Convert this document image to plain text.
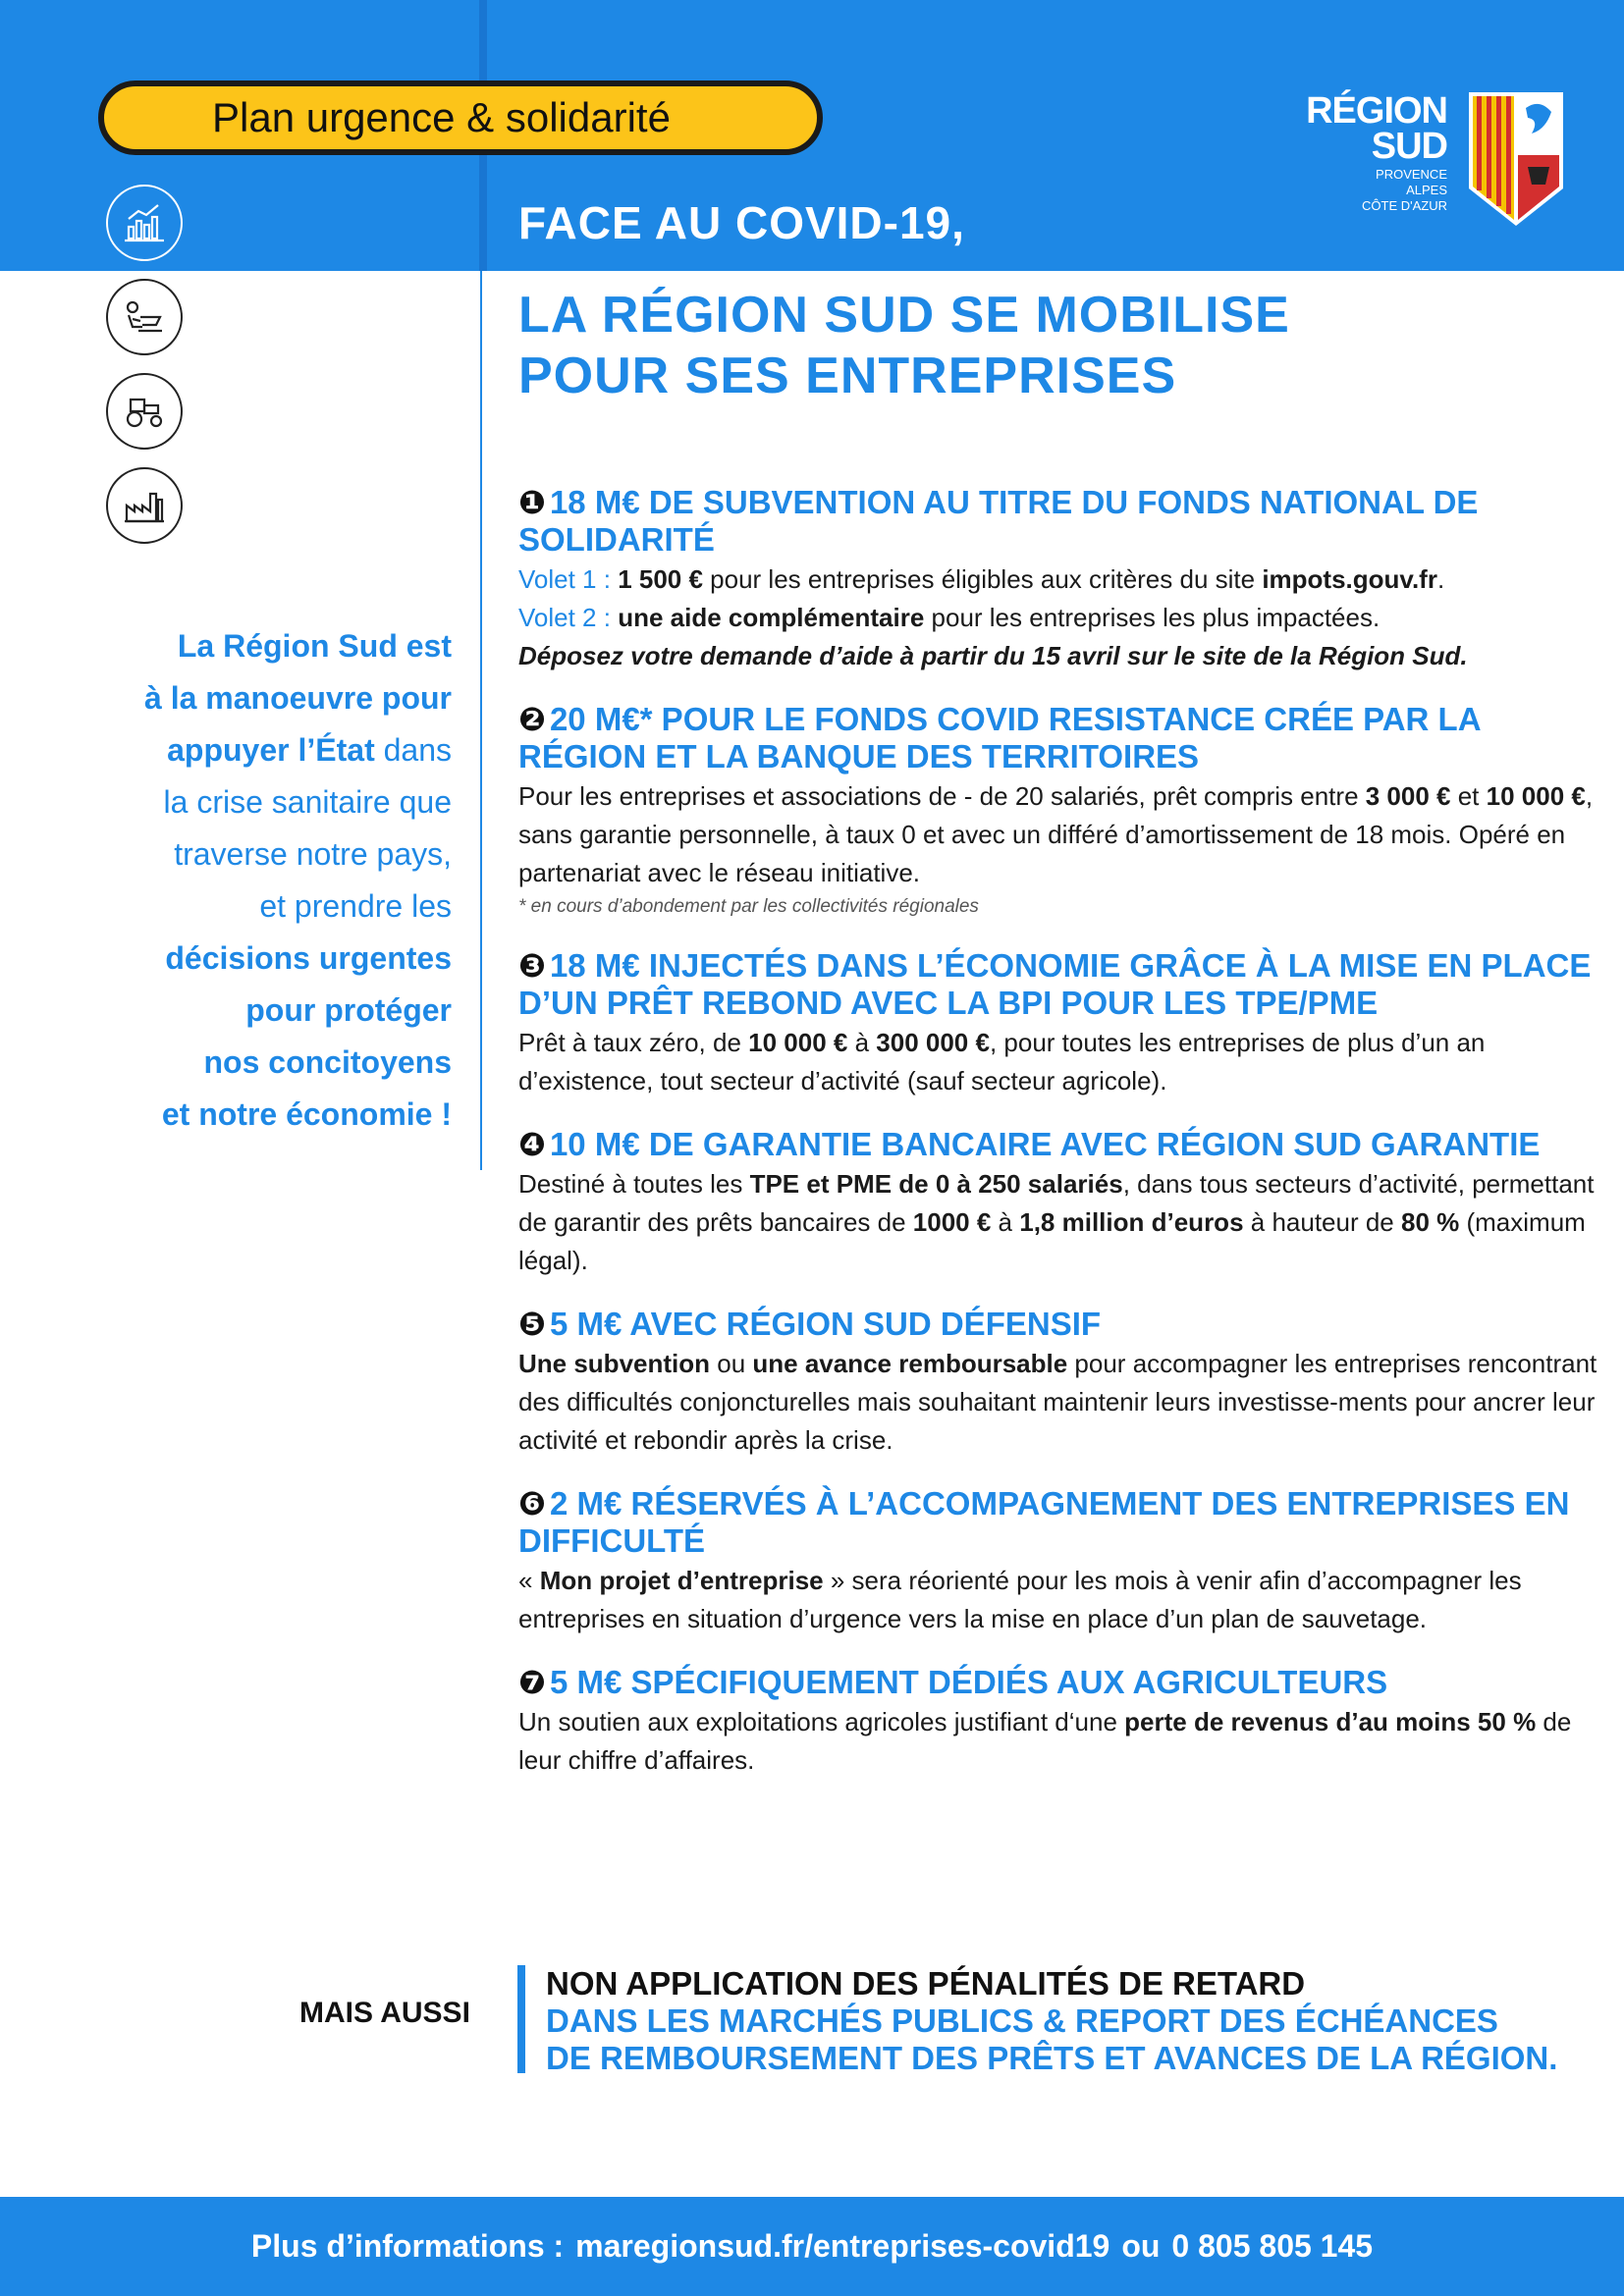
Plan urgence & solidarité	RÉGION
SUD
PROVENCE
ALPES
CÔTE D'AZUR
FACE AU COVID-19,
LA RÉGION SUD SE MOBILISE
POUR SES ENTREPRISES
La Région Sud est
à la manoeuvre pour
appuyer l’État dans
la crise sanitaire que
traverse notre pays,
et prendre les
décisions urgentes
pour protéger
nos concitoyens
et notre économie !
❶ 18 M€ DE SUBVENTION AU TITRE DU FONDS NATIONAL DE SOLIDARITÉ
Volet 1 : 1 500 € pour les entreprises éligibles aux critères du site impots.gouv.fr.
Volet 2 : une aide complémentaire pour les entreprises les plus impactées.
Déposez votre demande d’aide à partir du 15 avril sur le site de la Région Sud.
❷ 20 M€* POUR LE FONDS COVID RESISTANCE CRÉE PAR LA RÉGION ET LA BANQUE DES TERRITOIRES
Pour les entreprises et associations de - de 20 salariés, prêt compris entre 3 000 € et 10 000 €, sans garantie personnelle, à taux 0 et avec un différé d’amortissement de 18 mois. Opéré en partenariat avec le réseau initiative.
* en cours d’abondement par les collectivités régionales
❸ 18 M€ INJECTÉS DANS L’ÉCONOMIE GRÂCE À LA MISE EN PLACE D’UN PRÊT REBOND AVEC LA BPI POUR LES TPE/PME
Prêt à taux zéro, de 10 000 € à 300 000 €, pour toutes les entreprises de plus d’un an d’existence, tout secteur d’activité (sauf secteur agricole).
❹ 10 M€ DE GARANTIE BANCAIRE AVEC RÉGION SUD GARANTIE
Destiné à toutes les TPE et PME de 0 à 250 salariés, dans tous secteurs d’activité, permettant de garantir des prêts bancaires de 1000 € à 1,8 million d’euros à hauteur de 80 % (maximum légal).
❺ 5 M€ AVEC RÉGION SUD DÉFENSIF
Une subvention ou une avance remboursable pour accompagner les entreprises rencontrant des difficultés conjoncturelles mais souhaitant maintenir leurs investisse-ments pour ancrer leur activité et rebondir après la crise.
❻ 2 M€ RÉSERVÉS À L’ACCOMPAGNEMENT DES ENTREPRISES EN DIFFICULTÉ
« Mon projet d’entreprise » sera réorienté pour les mois à venir afin d’accompagner les entreprises en situation d’urgence vers la mise en place d’un plan de sauvetage.
❼ 5 M€ SPÉCIFIQUEMENT DÉDIÉS AUX AGRICULTEURS
Un soutien aux exploitations agricoles justifiant d‘une perte de revenus d’au moins 50 % de leur chiffre d’affaires.
MAIS AUSSI
NON APPLICATION DES PÉNALITÉS DE RETARD
DANS LES MARCHÉS PUBLICS & REPORT DES ÉCHÉANCES
DE REMBOURSEMENT DES PRÊTS ET AVANCES DE LA RÉGION.
Plus d’informations : maregionsud.fr/entreprises-covid19 ou 0 805 805 145
